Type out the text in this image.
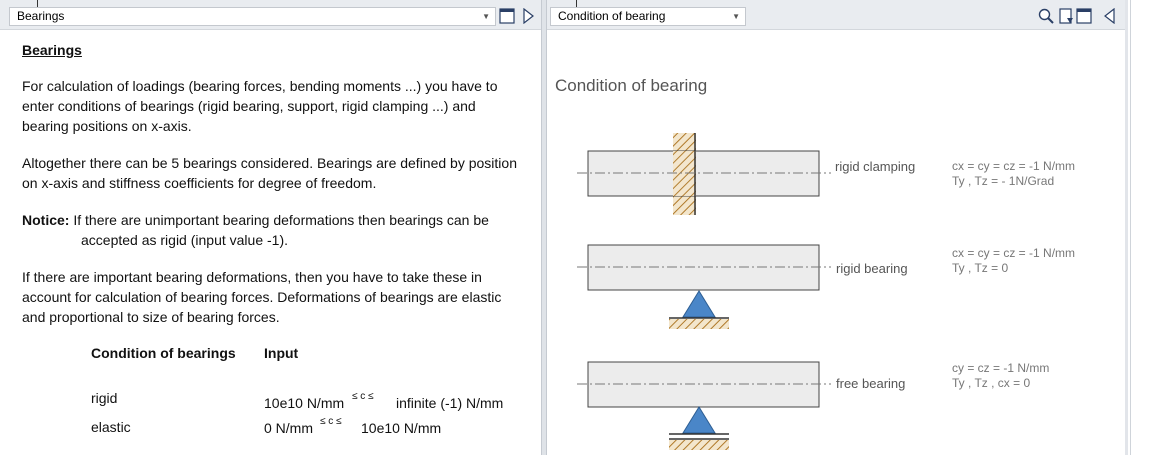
Bearings	▼
Bearings
For calculation of loadings (bearing forces, bending moments ...) you have to
enter conditions of bearings (rigid bearing, support, rigid clamping ...) and
bearing positions on x-axis.
Altogether there can be 5 bearings considered. Bearings are defined by position
on x-axis and stiffness coefficients for degree of freedom.
Notice: If there are unimportant bearing deformations then bearings can be
accepted as rigid (input value -1).
If there are important bearing deformations, then you have to take these in
account for calculation of bearing forces. Deformations of bearings are elastic
and proportional to size of bearing forces.
Condition of bearings Input
rigid	10e10 N/mm $^{\le c \le}$ infinite (-1) N/mm
elastic	0 N/mm $^{\le c \le}$ 10e10 N/mm
Condition of bearing	▼
Condition of bearing
rigid clamping	cx = cy = cz = -1 N/mm
Ty , Tz = - 1N/Grad
rigid bearing
cx = cy = cz = -1 N/mm
Ty , Tz = 0
free bearing
cy = cz = -1 N/mm
Ty , Tz , cx = 0
